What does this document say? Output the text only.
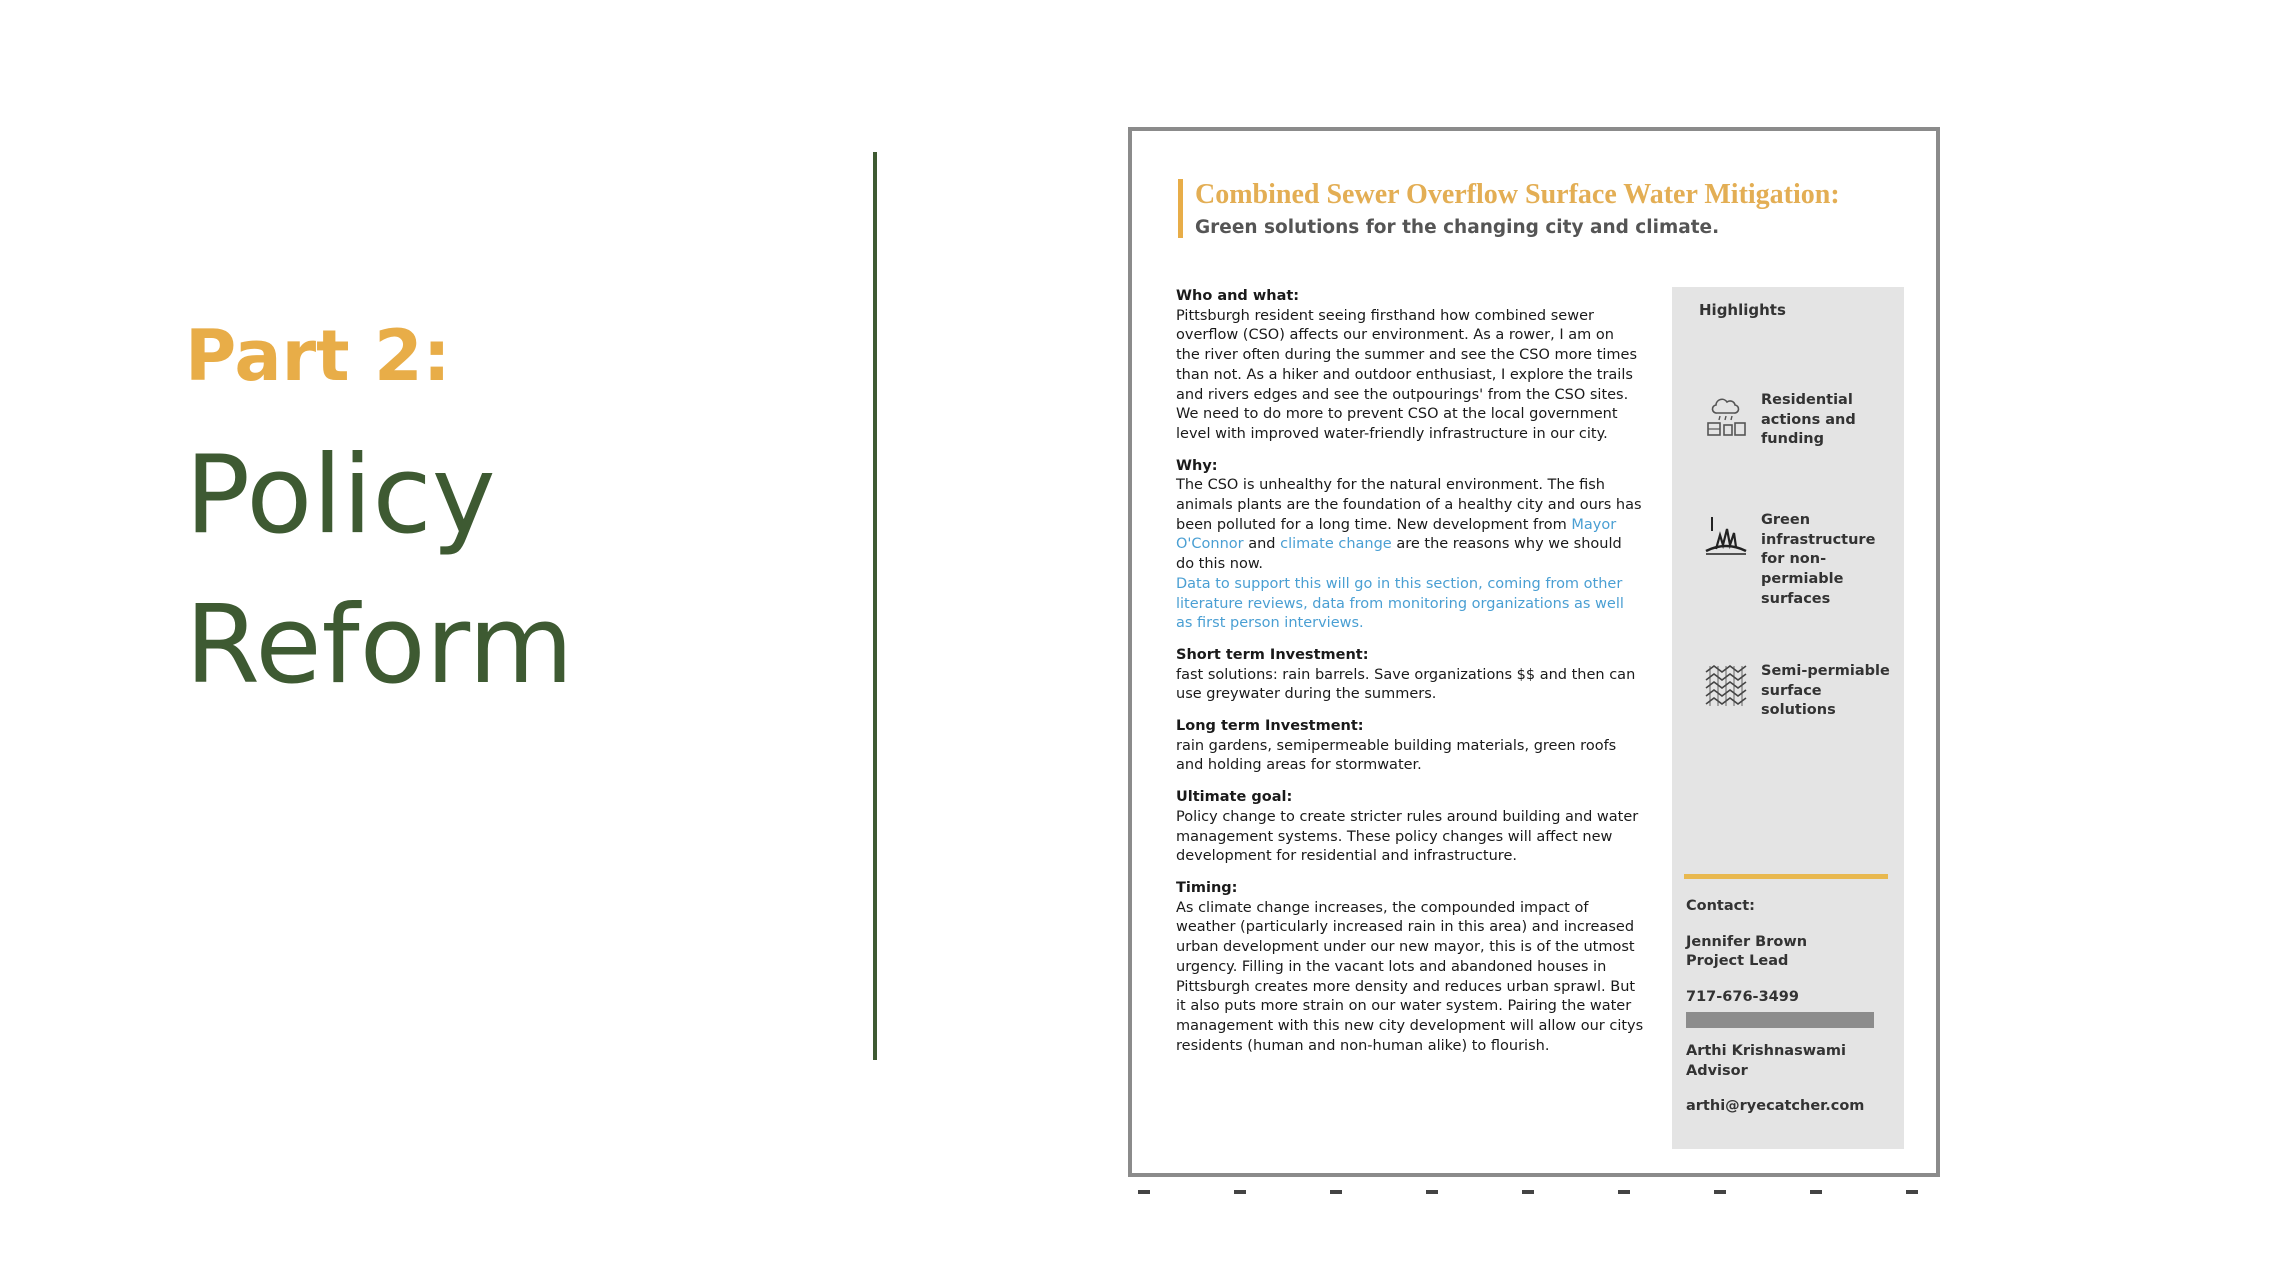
Part 2:
Policy
Reform
Combined Sewer Overflow Surface Water Mitigation:
Green solutions for the changing city and climate.
Who and what:
Pittsburgh resident seeing firsthand how combined sewer
overflow (CSO) affects our environment. As a rower, I am on
the river often during the summer and see the CSO more times
than not. As a hiker and outdoor enthusiast, I explore the trails
and rivers edges and see the outpourings' from the CSO sites.
We need to do more to prevent CSO at the local government
level with improved water-friendly infrastructure in our city.
Why:
The CSO is unhealthy for the natural environment. The fish
animals plants are the foundation of a healthy city and ours has
been polluted for a long time. New development from Mayor
O'Connor and climate change are the reasons why we should
do this now.
Data to support this will go in this section, coming from other
literature reviews, data from monitoring organizations as well
as first person interviews.
Short term Investment:
fast solutions: rain barrels. Save organizations $$ and then can
use greywater during the summers.
Long term Investment:
rain gardens, semipermeable building materials, green roofs
and holding areas for stormwater.
Ultimate goal:
Policy change to create stricter rules around building and water
management systems. These policy changes will affect new
development for residential and infrastructure.
Timing:
As climate change increases, the compounded impact of
weather (particularly increased rain in this area) and increased
urban development under our new mayor, this is of the utmost
urgency. Filling in the vacant lots and abandoned houses in
Pittsburgh creates more density and reduces urban sprawl. But
it also puts more strain on our water system. Pairing the water
management with this new city development will allow our citys
residents (human and non-human alike) to flourish.
Highlights
Residential
actions and
funding
Green
infrastructure
for non-
permiable
surfaces
Semi-permiable
surface
solutions
Contact:
Jennifer Brown
Project Lead
717-676-3499
Arthi Krishnaswami
Advisor
arthi@ryecatcher.com
